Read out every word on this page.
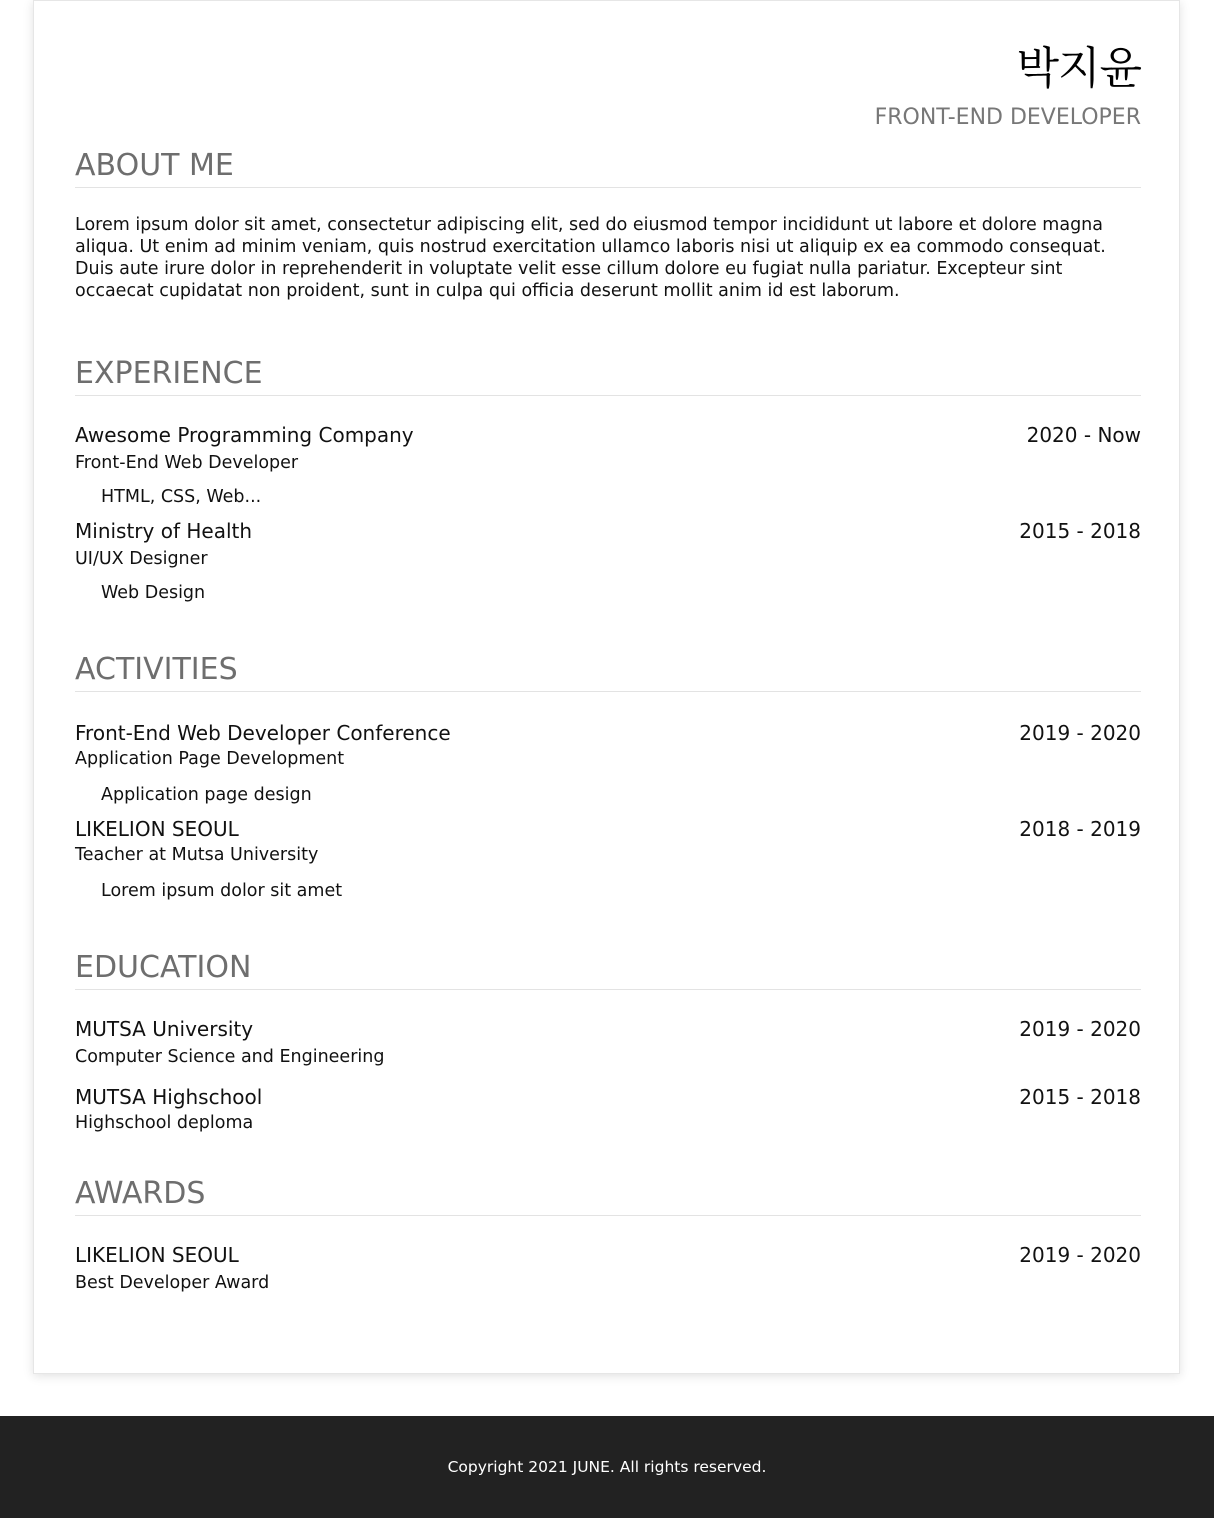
박지윤
FRONT-END DEVELOPER
ABOUT ME

Lorem ipsum dolor sit amet, consectetur adipiscing elit, sed do eiusmod tempor incididunt ut labore et dolore magna aliqua. Ut enim ad minim veniam, quis nostrud exercitation ullamco laboris nisi ut aliquip ex ea commodo consequat. Duis aute irure dolor in reprehenderit in voluptate velit esse cillum dolore eu fugiat nulla pariatur. Excepteur sint occaecat cupidatat non proident, sunt in culpa qui officia deserunt mollit anim id est laborum.

EXPERIENCE
Awesome Programming Company	2020 - Now
Front-End Web Developer
HTML, CSS, Web...
Ministry of Health	2015 - 2018
UI/UX Designer
Web Design
ACTIVITIES
Front-End Web Developer Conference	2019 - 2020
Application Page Development
Application page design
LIKELION SEOUL	2018 - 2019
Teacher at Mutsa University
Lorem ipsum dolor sit amet
EDUCATION
MUTSA University	2019 - 2020
Computer Science and Engineering
MUTSA Highschool	2015 - 2018
Highschool deploma
AWARDS
LIKELION SEOUL	2019 - 2020
Best Developer Award
Copyright 2021 JUNE. All rights reserved.
